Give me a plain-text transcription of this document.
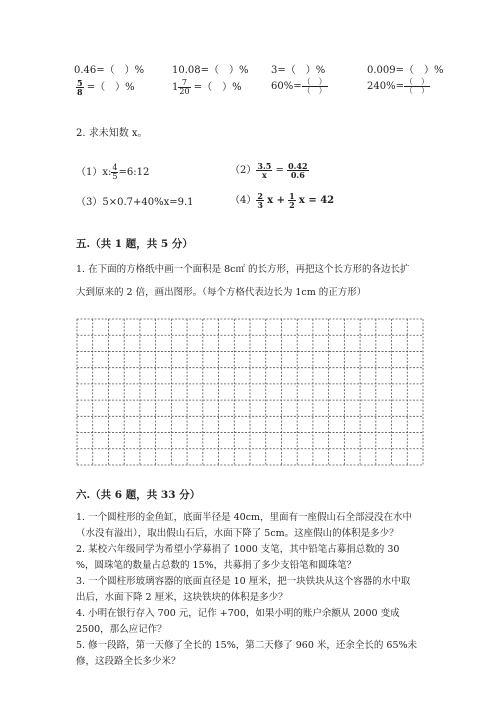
0.46=（　）%	10.08=（　）% 3=（　）%	0.009=（　）%
$\frac{5}{8}$ =（　）%	$1 \frac{7}{20}$ =（　）%	$60\%= \frac{( )}{( )}$	$240\%= \frac{( )}{( )}$
2. 求未知数 x。
（1）x: $\frac{4}{5}$ =6:12	$(2) \frac{3.5}{x} = \frac{0.42}{0.6}$
（3）5×0.7+40%x=9.1	$(4) \frac{2}{3}$ $x + \frac{1}{2}$ x = 42
五.（共 1 题，共 5 分）
1. 在下面的方格纸中画一个面积是 8c㎡ 的长方形，再把这个长方形的各边长扩
大到原来的 2 倍，画出图形。（每个方格代表边长为 1cm 的正方形）
六.（共 6 题，共 33 分）
1. 一个圆柱形的金鱼缸，底面半径是 40cm，里面有一座假山石全部浸没在水中
（水没有溢出），取出假山石后，水面下降了 5cm。这座假山的体积是多少？
2. 某校六年级同学为希望小学募捐了 1000 支笔，其中铅笔占募捐总数的 30
%，圆珠笔的数量占总数的 15%，共募捐了多少支铅笔和圆珠笔？
3. 一个圆柱形玻璃容器的底面直径是 10 厘米，把一块铁块从这个容器的水中取
出后，水面下降 2 厘米，这块铁块的体积是多少？
4. 小明在银行存入 700 元，记作 +700，如果小明的账户余额从 2000 变成
2500，那么应记作？
5. 修一段路，第一天修了全长的 15%，第二天修了 960 米，还余全长的 65%未
修，这段路全长多少米？
